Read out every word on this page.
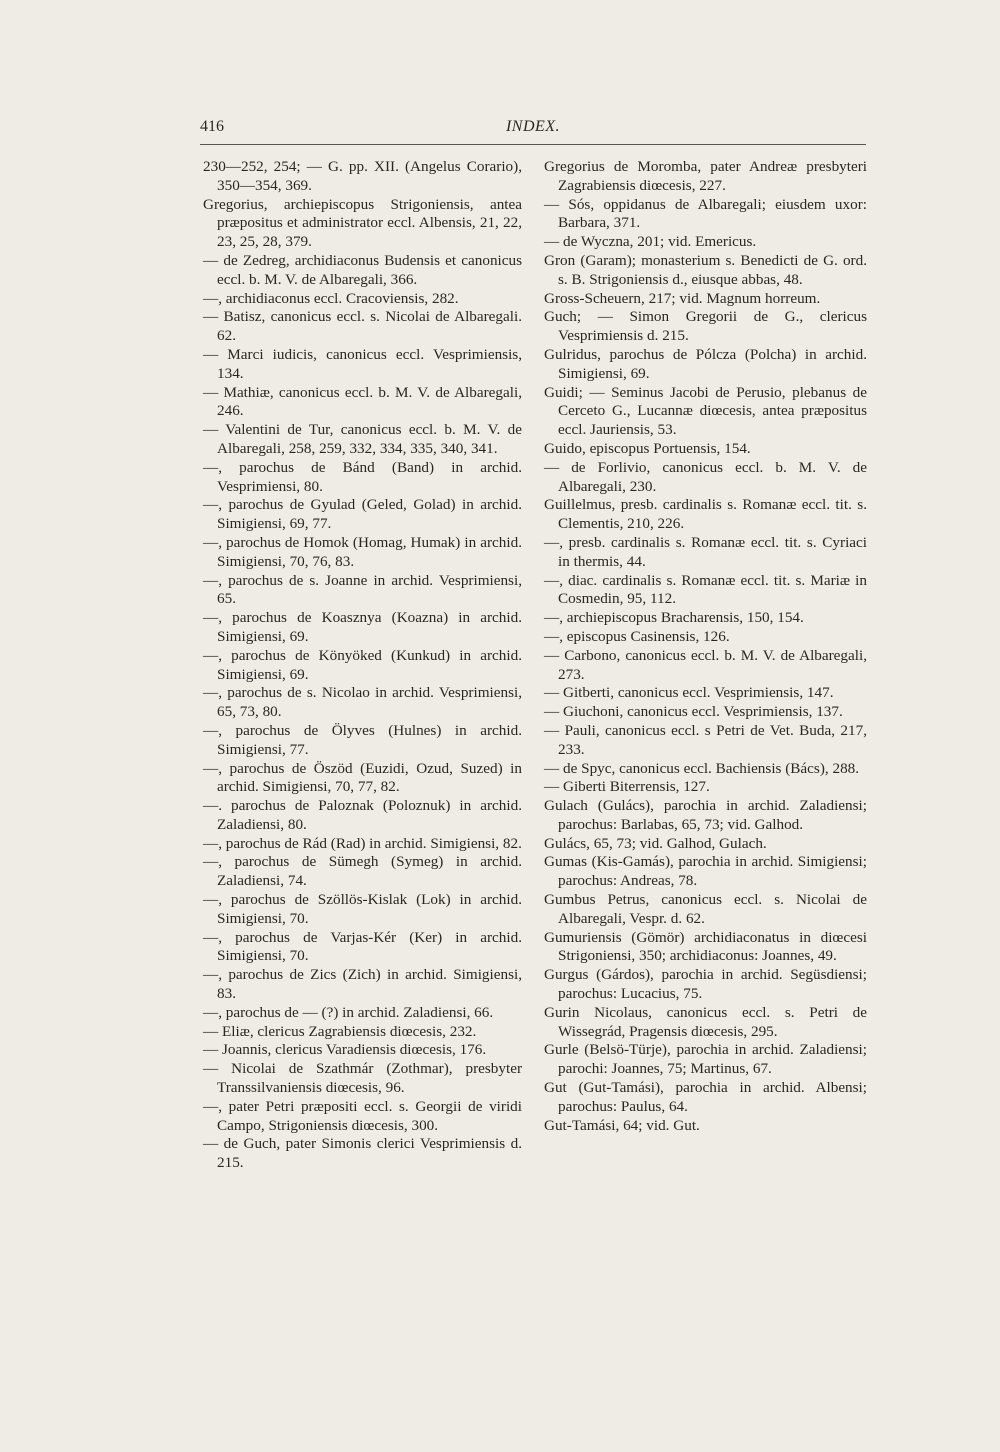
416	INDEX.

230—252, 254; — G. pp. XII. (Angelus Corario), 350—354, 369.

Gregorius, archiepiscopus Strigoniensis, antea præpositus et administrator eccl. Albensis, 21, 22, 23, 25, 28, 379.

— de Zedreg, archidiaconus Budensis et canonicus eccl. b. M. V. de Albaregali, 366.

—, archidiaconus eccl. Cracoviensis, 282.

— Batisz, canonicus eccl. s. Nicolai de Albaregali. 62.

— Marci iudicis, canonicus eccl. Vesprimiensis, 134.

— Mathiæ, canonicus eccl. b. M. V. de Albaregali, 246.

— Valentini de Tur, canonicus eccl. b. M. V. de Albaregali, 258, 259, 332, 334, 335, 340, 341.

—, parochus de Bánd (Band) in archid. Vesprimiensi, 80.

—, parochus de Gyulad (Geled, Golad) in archid. Simigiensi, 69, 77.

—, parochus de Homok (Homag, Humak) in archid. Simigiensi, 70, 76, 83.

—, parochus de s. Joanne in archid. Vesprimiensi, 65.

—, parochus de Koasznya (Koazna) in archid. Simigiensi, 69.

—, parochus de Könyöked (Kunkud) in archid. Simigiensi, 69.

—, parochus de s. Nicolao in archid. Vesprimiensi, 65, 73, 80.

—, parochus de Ölyves (Hulnes) in archid. Simigiensi, 77.

—, parochus de Öszöd (Euzidi, Ozud, Suzed) in archid. Simigiensi, 70, 77, 82.

—. parochus de Paloznak (Poloznuk) in archid. Zaladiensi, 80.

—, parochus de Rád (Rad) in archid. Simigiensi, 82.

—, parochus de Sümegh (Symeg) in archid. Zaladiensi, 74.

—, parochus de Szöllös-Kislak (Lok) in archid. Simigiensi, 70.

—, parochus de Varjas-Kér (Ker) in archid. Simigiensi, 70.

—, parochus de Zics (Zich) in archid. Simigiensi, 83.

—, parochus de — (?) in archid. Zaladiensi, 66.

— Eliæ, clericus Zagrabiensis diœcesis, 232.

— Joannis, clericus Varadiensis diœcesis, 176.

— Nicolai de Szathmár (Zothmar), presbyter Transsilvaniensis diœcesis, 96.

—, pater Petri præpositi eccl. s. Georgii de viridi Campo, Strigoniensis diœcesis, 300.

— de Guch, pater Simonis clerici Vesprimiensis d. 215.

Gregorius de Moromba, pater Andreæ presbyteri Zagrabiensis diœcesis, 227.

— Sós, oppidanus de Albaregali; eiusdem uxor: Barbara, 371.

— de Wyczna, 201; vid. Emericus.

Gron (Garam); monasterium s. Benedicti de G. ord. s. B. Strigoniensis d., eiusque abbas, 48.

Gross-Scheuern, 217; vid. Magnum horreum.

Guch; — Simon Gregorii de G., clericus Vesprimiensis d. 215.

Gulridus, parochus de Pólcza (Polcha) in archid. Simigiensi, 69.

Guidi; — Seminus Jacobi de Perusio, plebanus de Cerceto G., Lucannæ diœcesis, antea præpositus eccl. Jauriensis, 53.

Guido, episcopus Portuensis, 154.

— de Forlivio, canonicus eccl. b. M. V. de Albaregali, 230.

Guillelmus, presb. cardinalis s. Romanæ eccl. tit. s. Clementis, 210, 226.

—, presb. cardinalis s. Romanæ eccl. tit. s. Cyriaci in thermis, 44.

—, diac. cardinalis s. Romanæ eccl. tit. s. Mariæ in Cosmedin, 95, 112.

—, archiepiscopus Bracharensis, 150, 154.

—, episcopus Casinensis, 126.

— Carbono, canonicus eccl. b. M. V. de Albaregali, 273.

— Gitberti, canonicus eccl. Vesprimiensis, 147.

— Giuchoni, canonicus eccl. Vesprimiensis, 137.

— Pauli, canonicus eccl. s Petri de Vet. Buda, 217, 233.

— de Spyc, canonicus eccl. Bachiensis (Bács), 288.

— Giberti Biterrensis, 127.

Gulach (Gulács), parochia in archid. Zaladiensi; parochus: Barlabas, 65, 73; vid. Galhod.

Gulács, 65, 73; vid. Galhod, Gulach.

Gumas (Kis-Gamás), parochia in archid. Simigiensi; parochus: Andreas, 78.

Gumbus Petrus, canonicus eccl. s. Nicolai de Albaregali, Vespr. d. 62.

Gumuriensis (Gömör) archidiaconatus in diœcesi Strigoniensi, 350; archidiaconus: Joannes, 49.

Gurgus (Gárdos), parochia in archid. Següsdiensi; parochus: Lucacius, 75.

Gurin Nicolaus, canonicus eccl. s. Petri de Wissegrád, Pragensis diœcesis, 295.

Gurle (Belsö-Türje), parochia in archid. Zaladiensi; parochi: Joannes, 75; Martinus, 67.

Gut (Gut-Tamási), parochia in archid. Albensi; parochus: Paulus, 64.

Gut-Tamási, 64; vid. Gut.
